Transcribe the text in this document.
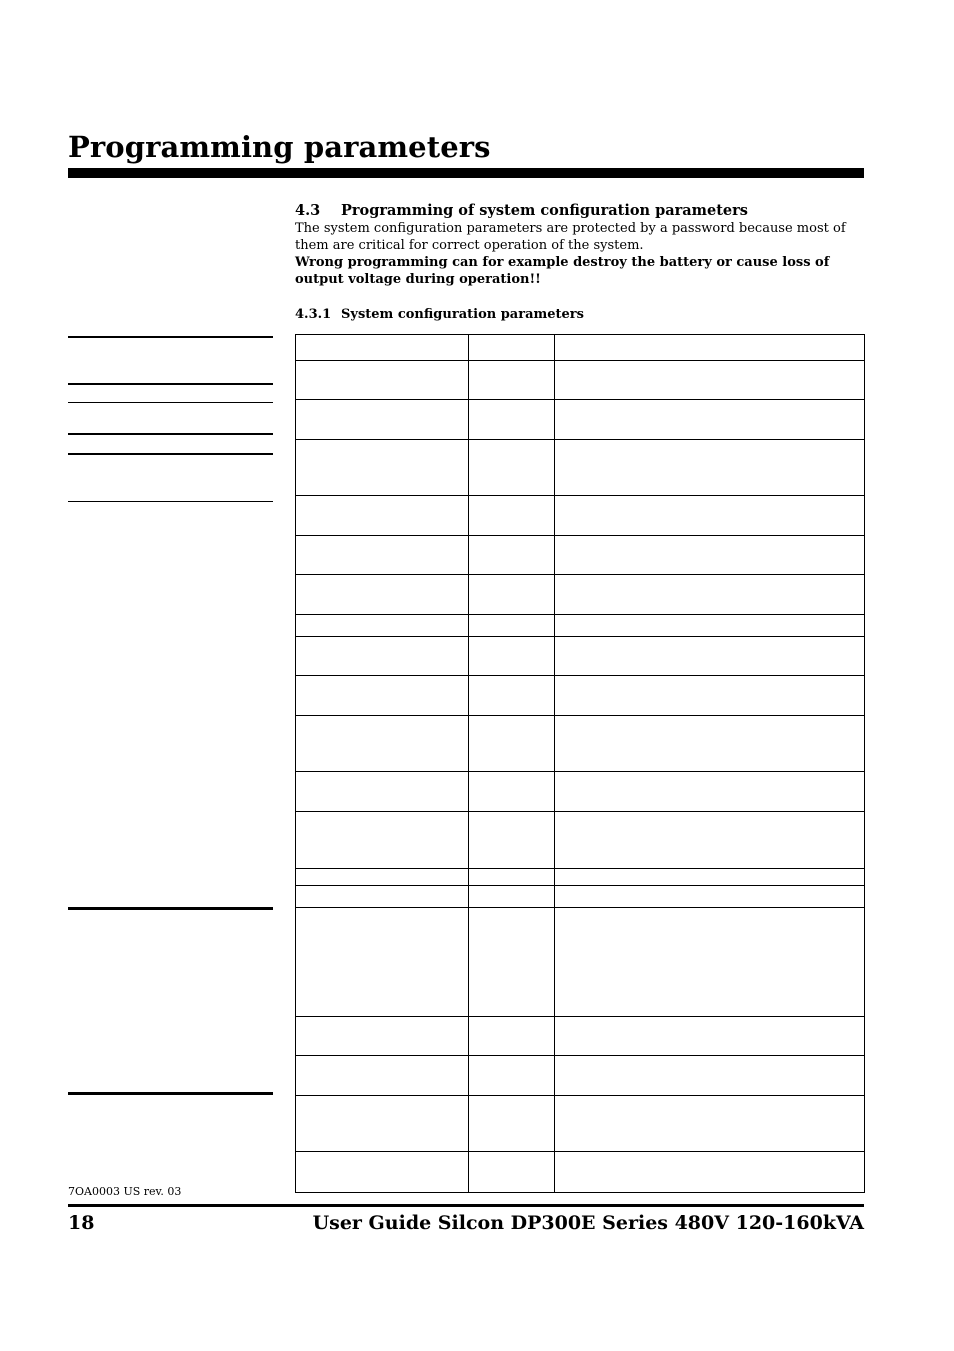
Programming parameters
4.3 Programming of system configuration parameters
The system configuration parameters are protected by a password because most of them are critical for correct operation of the system.
Wrong programming can for example destroy the battery or cause loss of output voltage during operation!!
4.3.1 System configuration parameters

7OA0003 US rev. 03
18	User Guide Silcon DP300E Series 480V 120-160kVA
